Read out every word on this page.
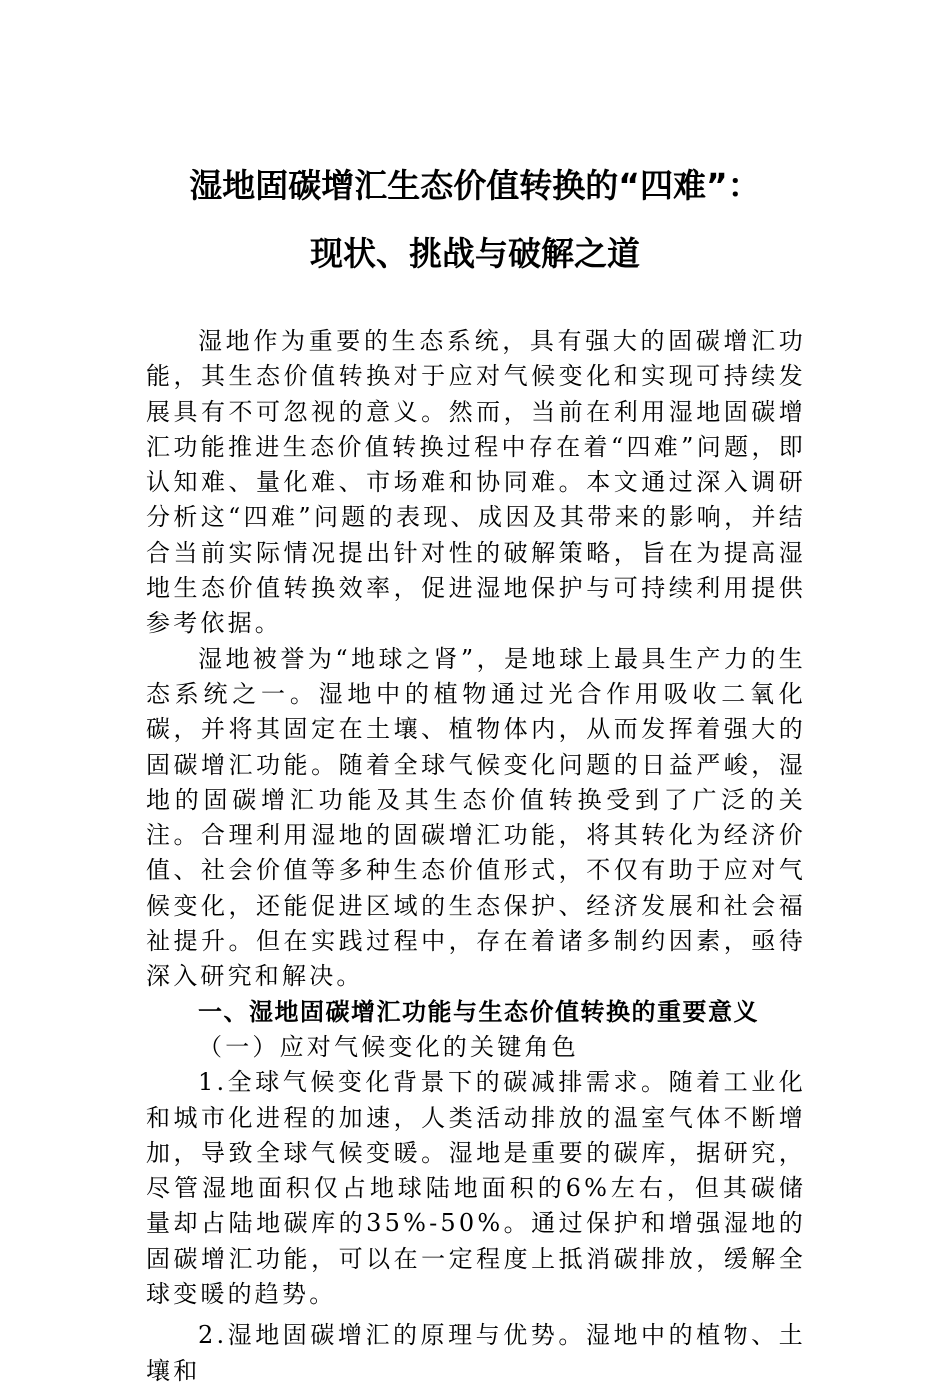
湿地固碳增汇生态价值转换的“四难”：
现状、挑战与破解之道

湿地作为重要的生态系统，具有强大的固碳增汇功能，其生态价值转换对于应对气候变化和实现可持续发展具有不可忽视的意义。然而，当前在利用湿地固碳增汇功能推进生态价值转换过程中存在着“四难”问题，即认知难、量化难、市场难和协同难。本文通过深入调研分析这“四难”问题的表现、成因及其带来的影响，并结合当前实际情况提出针对性的破解策略，旨在为提高湿地生态价值转换效率，促进湿地保护与可持续利用提供参考依据。

湿地被誉为“地球之肾”，是地球上最具生产力的生态系统之一。湿地中的植物通过光合作用吸收二氧化碳，并将其固定在土壤、植物体内，从而发挥着强大的固碳增汇功能。随着全球气候变化问题的日益严峻，湿地的固碳增汇功能及其生态价值转换受到了广泛的关注。合理利用湿地的固碳增汇功能，将其转化为经济价值、社会价值等多种生态价值形式，不仅有助于应对气候变化，还能促进区域的生态保护、经济发展和社会福祉提升。但在实践过程中，存在着诸多制约因素，亟待深入研究和解决。

一、湿地固碳增汇功能与生态价值转换的重要意义

（一）应对气候变化的关键角色

1.全球气候变化背景下的碳减排需求。随着工业化和城市化进程的加速，人类活动排放的温室气体不断增加，导致全球气候变暖。湿地是重要的碳库，据研究，尽管湿地面积仅占地球陆地面积的6%左右，但其碳储量却占陆地碳库的35%-50%。通过保护和增强湿地的固碳增汇功能，可以在一定程度上抵消碳排放，缓解全球变暖的趋势。

2.湿地固碳增汇的原理与优势。湿地中的植物、土壤和
